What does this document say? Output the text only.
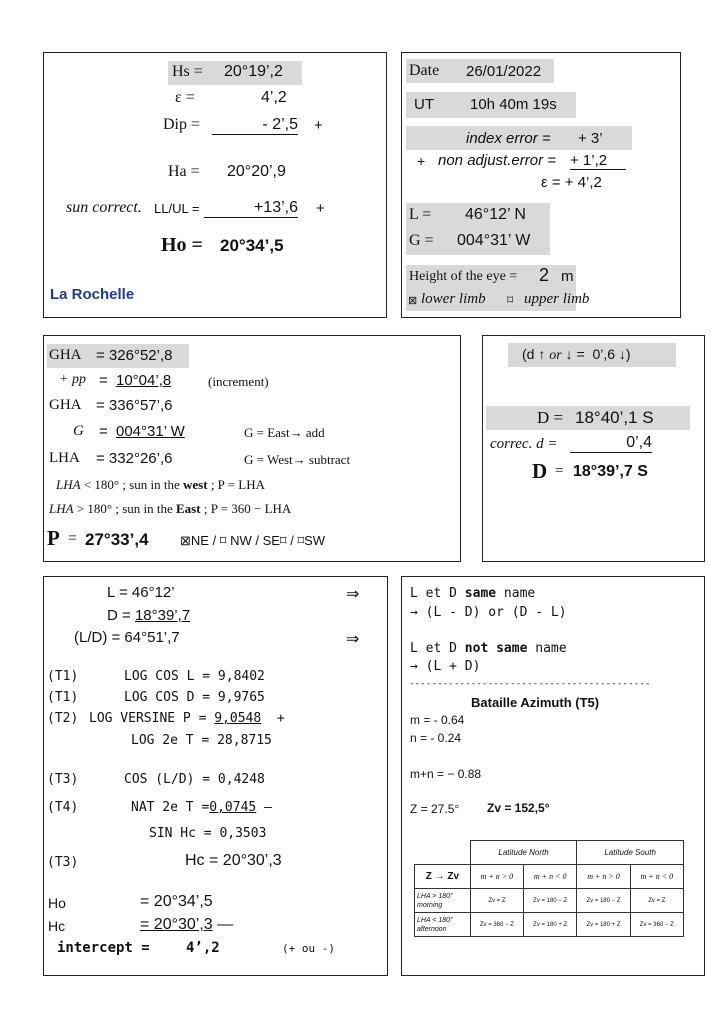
Hs = 20°19’,2
ε =	4’,2
Dip =	- 2’,5 +
Ha = 20°20’,9
sun correct. LL/UL =	+13’,6 +
Ho = 20°34’,5
La Rochelle
Date 26/01/2022
UT 10h 40m 19s
index error = + 3’
+ non adjust.error = + 1’,2
ε = + 4’,2
L = 46°12’ N
G = 004°31’ W
Height of the eye = 2 m
⊠ lower limb ⌑ upper limb
GHA = 326°52’,8
+ pp = 10°04’,8	(increment)
GHA = 336°57’,6
G = 004°31’ W	G = East→ add
LHA = 332°26’,6	G = West→ subtract
LHA < 180° ; sun in the west ; P = LHA
LHA > 180° ; sun in the East ; P = 360 − LHA
P = 27°33’,4 ⊠NE / ⌑ NW / SE⌑ / ⌑SW
(d ↑ or ↓ = 0’,6 ↓)
D = 18°40’,1 S
correc. d =	0’,4
D = 18°39’,7 S
L = 46°12’
D = 18°39’,7
(L/D) = 64°51’,7
⇒
⇒
(T1)	LOG COS L = 9,8402
(T1)	LOG COS D = 9,9765
(T2) LOG VERSINE P = 9,0548 +
LOG 2e T = 28,8715
(T3)	COS (L/D) = 0,4248
(T4)	NAT 2e T =0,0745 —
SIN Hc = 0,3503
(T3)	Hc = 20°30’,3
Ho	= 20°34’,5
Hc	= 20°30’,3 —
intercept =	4’,2	(+ ou -)
L et D same name
→ (L - D) or (D - L)
L et D not same name
→ (L + D)
-------------------------------------------
Bataille Azimuth (T5)
m = - 0.64
n = - 0.24
m+n = − 0.88
Z = 27.5° Zv = 152,5°
	Latitude North		Latitude South	
Z → Zv	m + n > 0	m + n < 0	m + n > 0	m + n < 0
LHA > 180°
morning	Zv = Z	Zv = 180 − Z	Zv = 180 − Z	Zv = Z
LHA < 180°
afternoon	Zv = 360 − Z	Zv = 180 + Z	Zv = 180 + Z	Zv = 360 − Z
